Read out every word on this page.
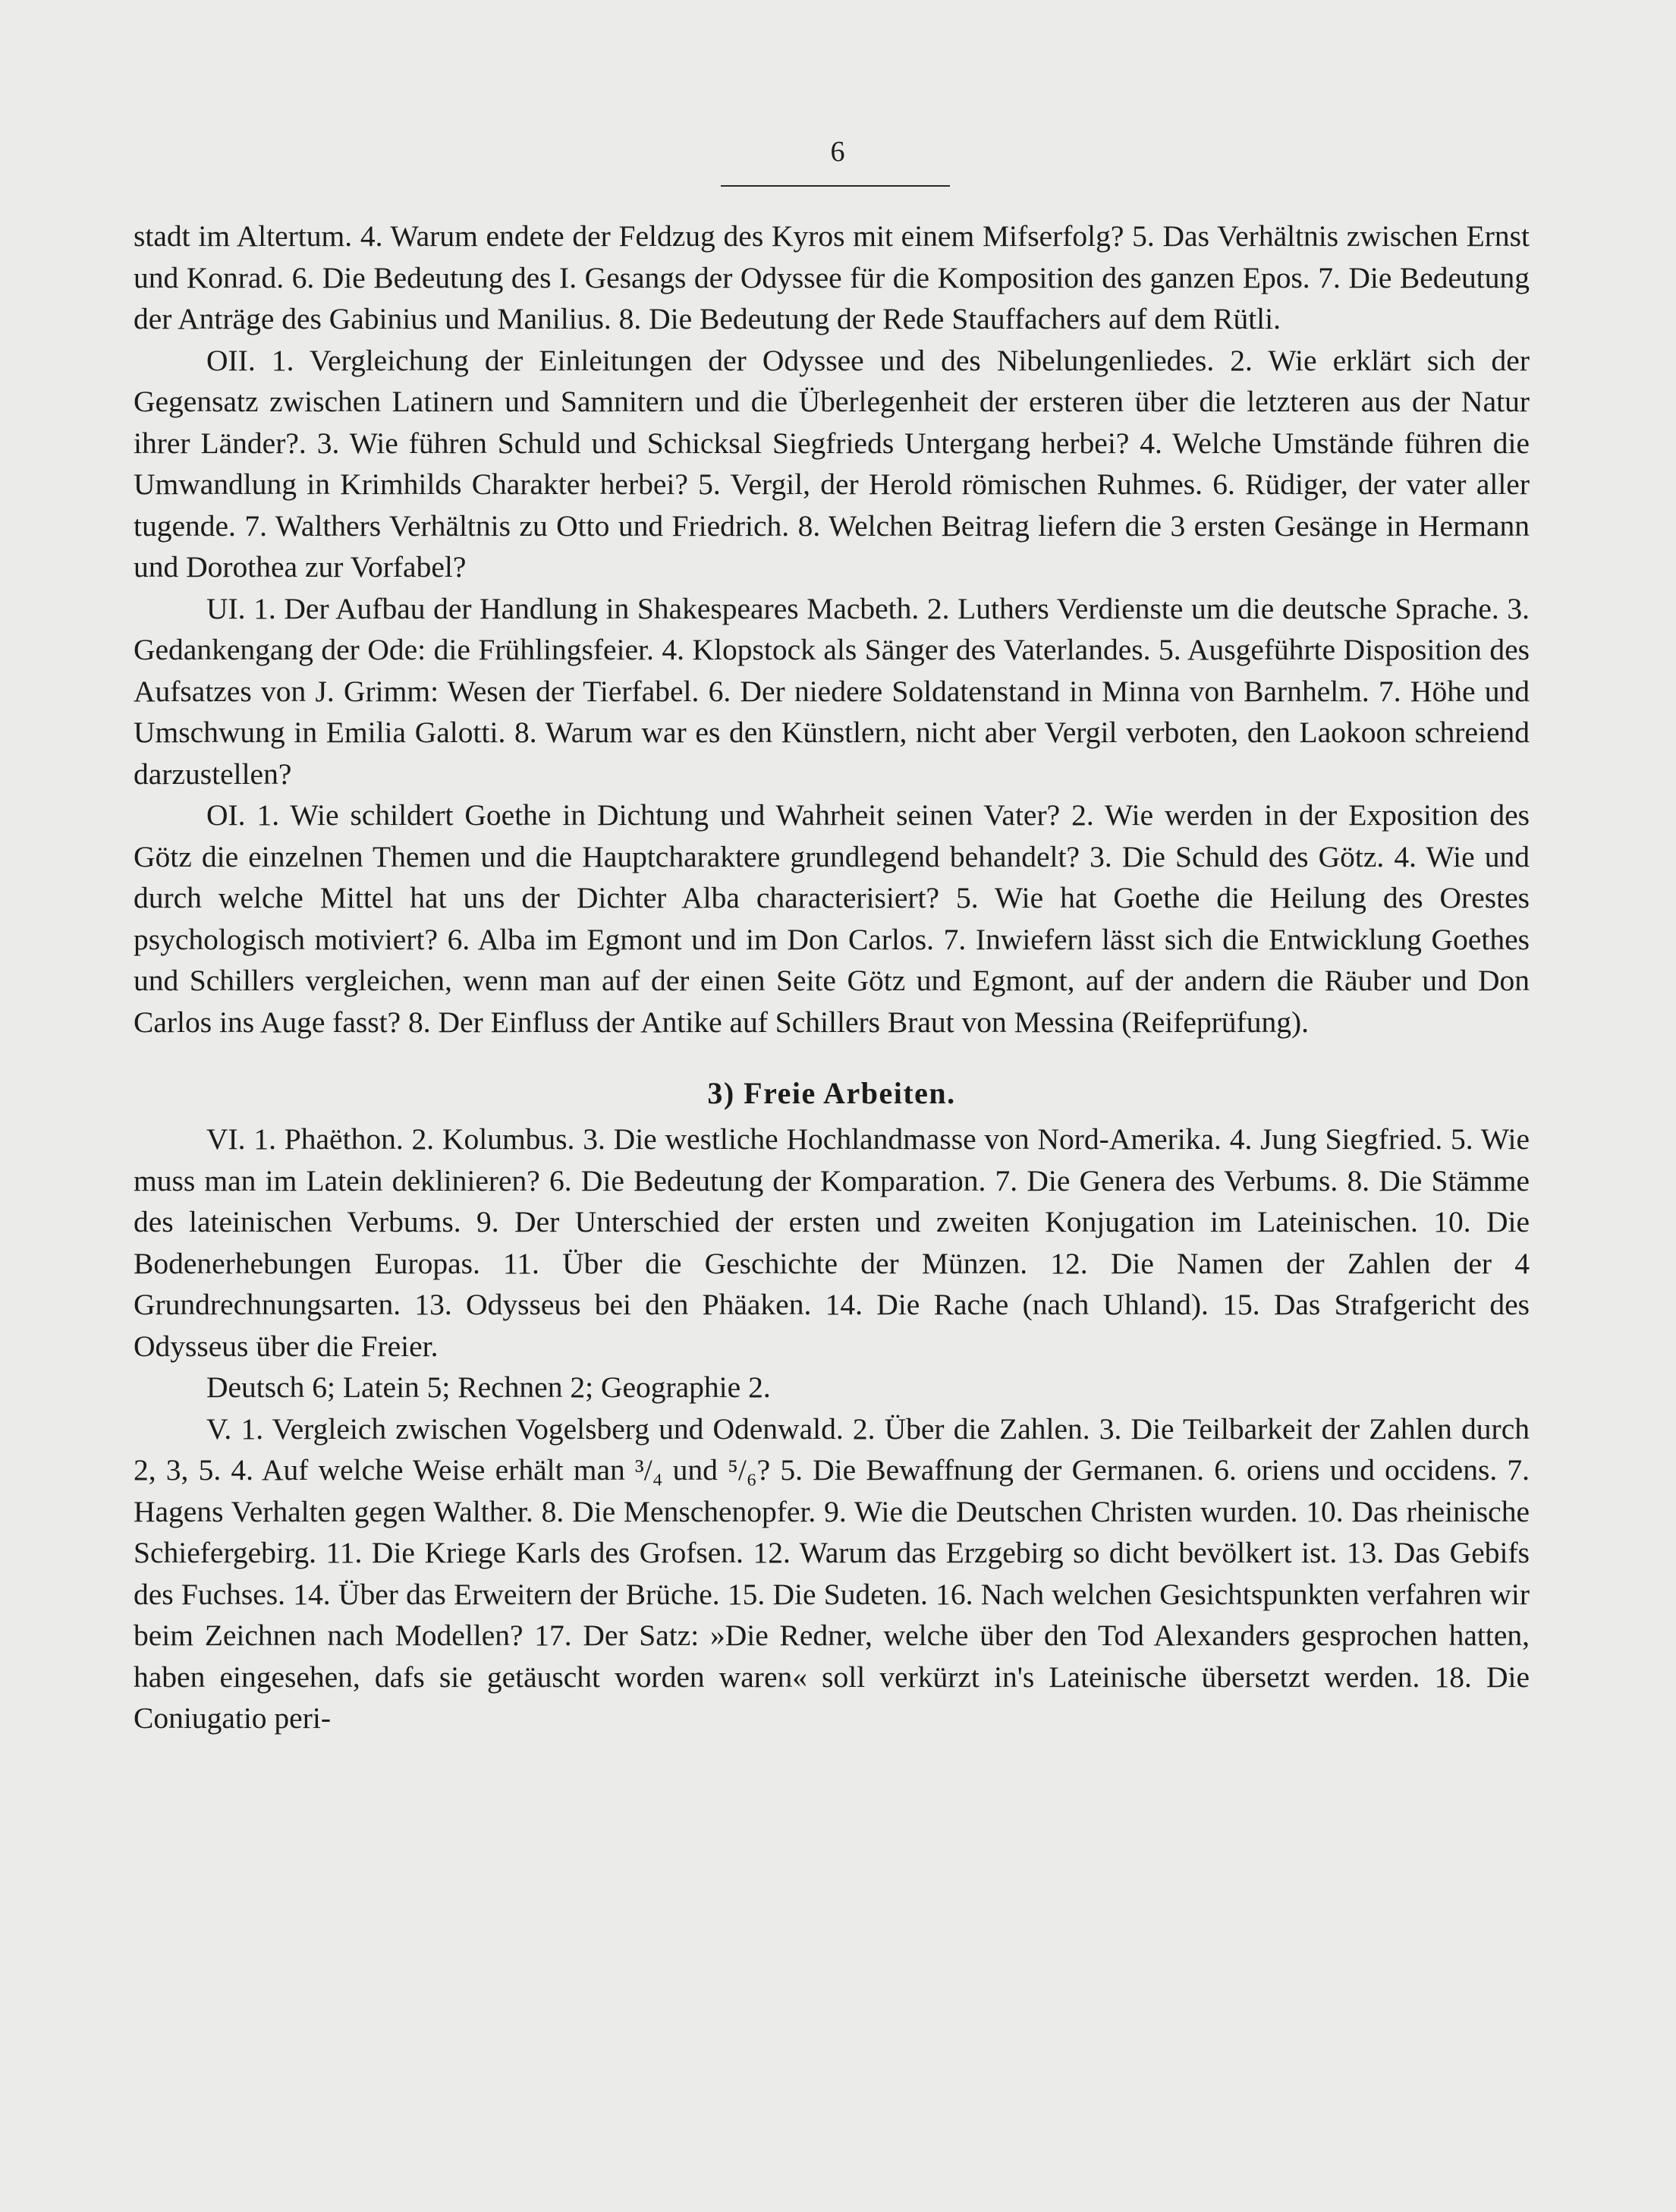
6

stadt im Altertum. 4. Warum endete der Feldzug des Kyros mit einem Mifserfolg? 5. Das Verhältnis zwischen Ernst und Konrad. 6. Die Bedeutung des I. Gesangs der Odyssee für die Komposition des ganzen Epos. 7. Die Bedeutung der Anträge des Gabinius und Manilius. 8. Die Bedeutung der Rede Stauffachers auf dem Rütli.

OII. 1. Vergleichung der Einleitungen der Odyssee und des Nibelungenliedes. 2. Wie erklärt sich der Gegensatz zwischen Latinern und Samnitern und die Überlegenheit der ersteren über die letzteren aus der Natur ihrer Länder?. 3. Wie führen Schuld und Schicksal Siegfrieds Untergang herbei? 4. Welche Umstände führen die Umwandlung in Krimhilds Charakter herbei? 5. Vergil, der Herold römischen Ruhmes. 6. Rüdiger, der vater aller tugende. 7. Walthers Verhältnis zu Otto und Friedrich. 8. Welchen Beitrag liefern die 3 ersten Gesänge in Hermann und Dorothea zur Vorfabel?

UI. 1. Der Aufbau der Handlung in Shakespeares Macbeth. 2. Luthers Verdienste um die deutsche Sprache. 3. Gedankengang der Ode: die Frühlingsfeier. 4. Klopstock als Sänger des Vaterlandes. 5. Ausgeführte Disposition des Aufsatzes von J. Grimm: Wesen der Tierfabel. 6. Der niedere Soldatenstand in Minna von Barnhelm. 7. Höhe und Umschwung in Emilia Galotti. 8. Warum war es den Künstlern, nicht aber Vergil verboten, den Laokoon schreiend darzustellen?

OI. 1. Wie schildert Goethe in Dichtung und Wahrheit seinen Vater? 2. Wie werden in der Exposition des Götz die einzelnen Themen und die Hauptcharaktere grundlegend behandelt? 3. Die Schuld des Götz. 4. Wie und durch welche Mittel hat uns der Dichter Alba characterisiert? 5. Wie hat Goethe die Heilung des Orestes psychologisch motiviert? 6. Alba im Egmont und im Don Carlos. 7. Inwiefern lässt sich die Entwicklung Goethes und Schillers vergleichen, wenn man auf der einen Seite Götz und Egmont, auf der andern die Räuber und Don Carlos ins Auge fasst? 8. Der Einfluss der Antike auf Schillers Braut von Messina (Reifeprüfung).

3) Freie Arbeiten.

VI. 1. Phaëthon. 2. Kolumbus. 3. Die westliche Hochlandmasse von Nord-Amerika. 4. Jung Siegfried. 5. Wie muss man im Latein deklinieren? 6. Die Bedeutung der Komparation. 7. Die Genera des Verbums. 8. Die Stämme des lateinischen Verbums. 9. Der Unterschied der ersten und zweiten Konjugation im Lateinischen. 10. Die Bodenerhebungen Europas. 11. Über die Geschichte der Münzen. 12. Die Namen der Zahlen der 4 Grundrechnungsarten. 13. Odysseus bei den Phäaken. 14. Die Rache (nach Uhland). 15. Das Strafgericht des Odysseus über die Freier.

Deutsch 6; Latein 5; Rechnen 2; Geographie 2.

V. 1. Vergleich zwischen Vogelsberg und Odenwald. 2. Über die Zahlen. 3. Die Teilbarkeit der Zahlen durch 2, 3, 5. 4. Auf welche Weise erhält man ³/₄ und ⁵/₆? 5. Die Bewaffnung der Germanen. 6. oriens und occidens. 7. Hagens Verhalten gegen Walther. 8. Die Menschenopfer. 9. Wie die Deutschen Christen wurden. 10. Das rheinische Schiefergebirg. 11. Die Kriege Karls des Grofsen. 12. Warum das Erzgebirg so dicht bevölkert ist. 13. Das Gebifs des Fuchses. 14. Über das Erweitern der Brüche. 15. Die Sudeten. 16. Nach welchen Gesichtspunkten verfahren wir beim Zeichnen nach Modellen? 17. Der Satz: »Die Redner, welche über den Tod Alexanders gesprochen hatten, haben eingesehen, dafs sie getäuscht worden waren« soll verkürzt in's Lateinische übersetzt werden. 18. Die Coniugatio peri-
